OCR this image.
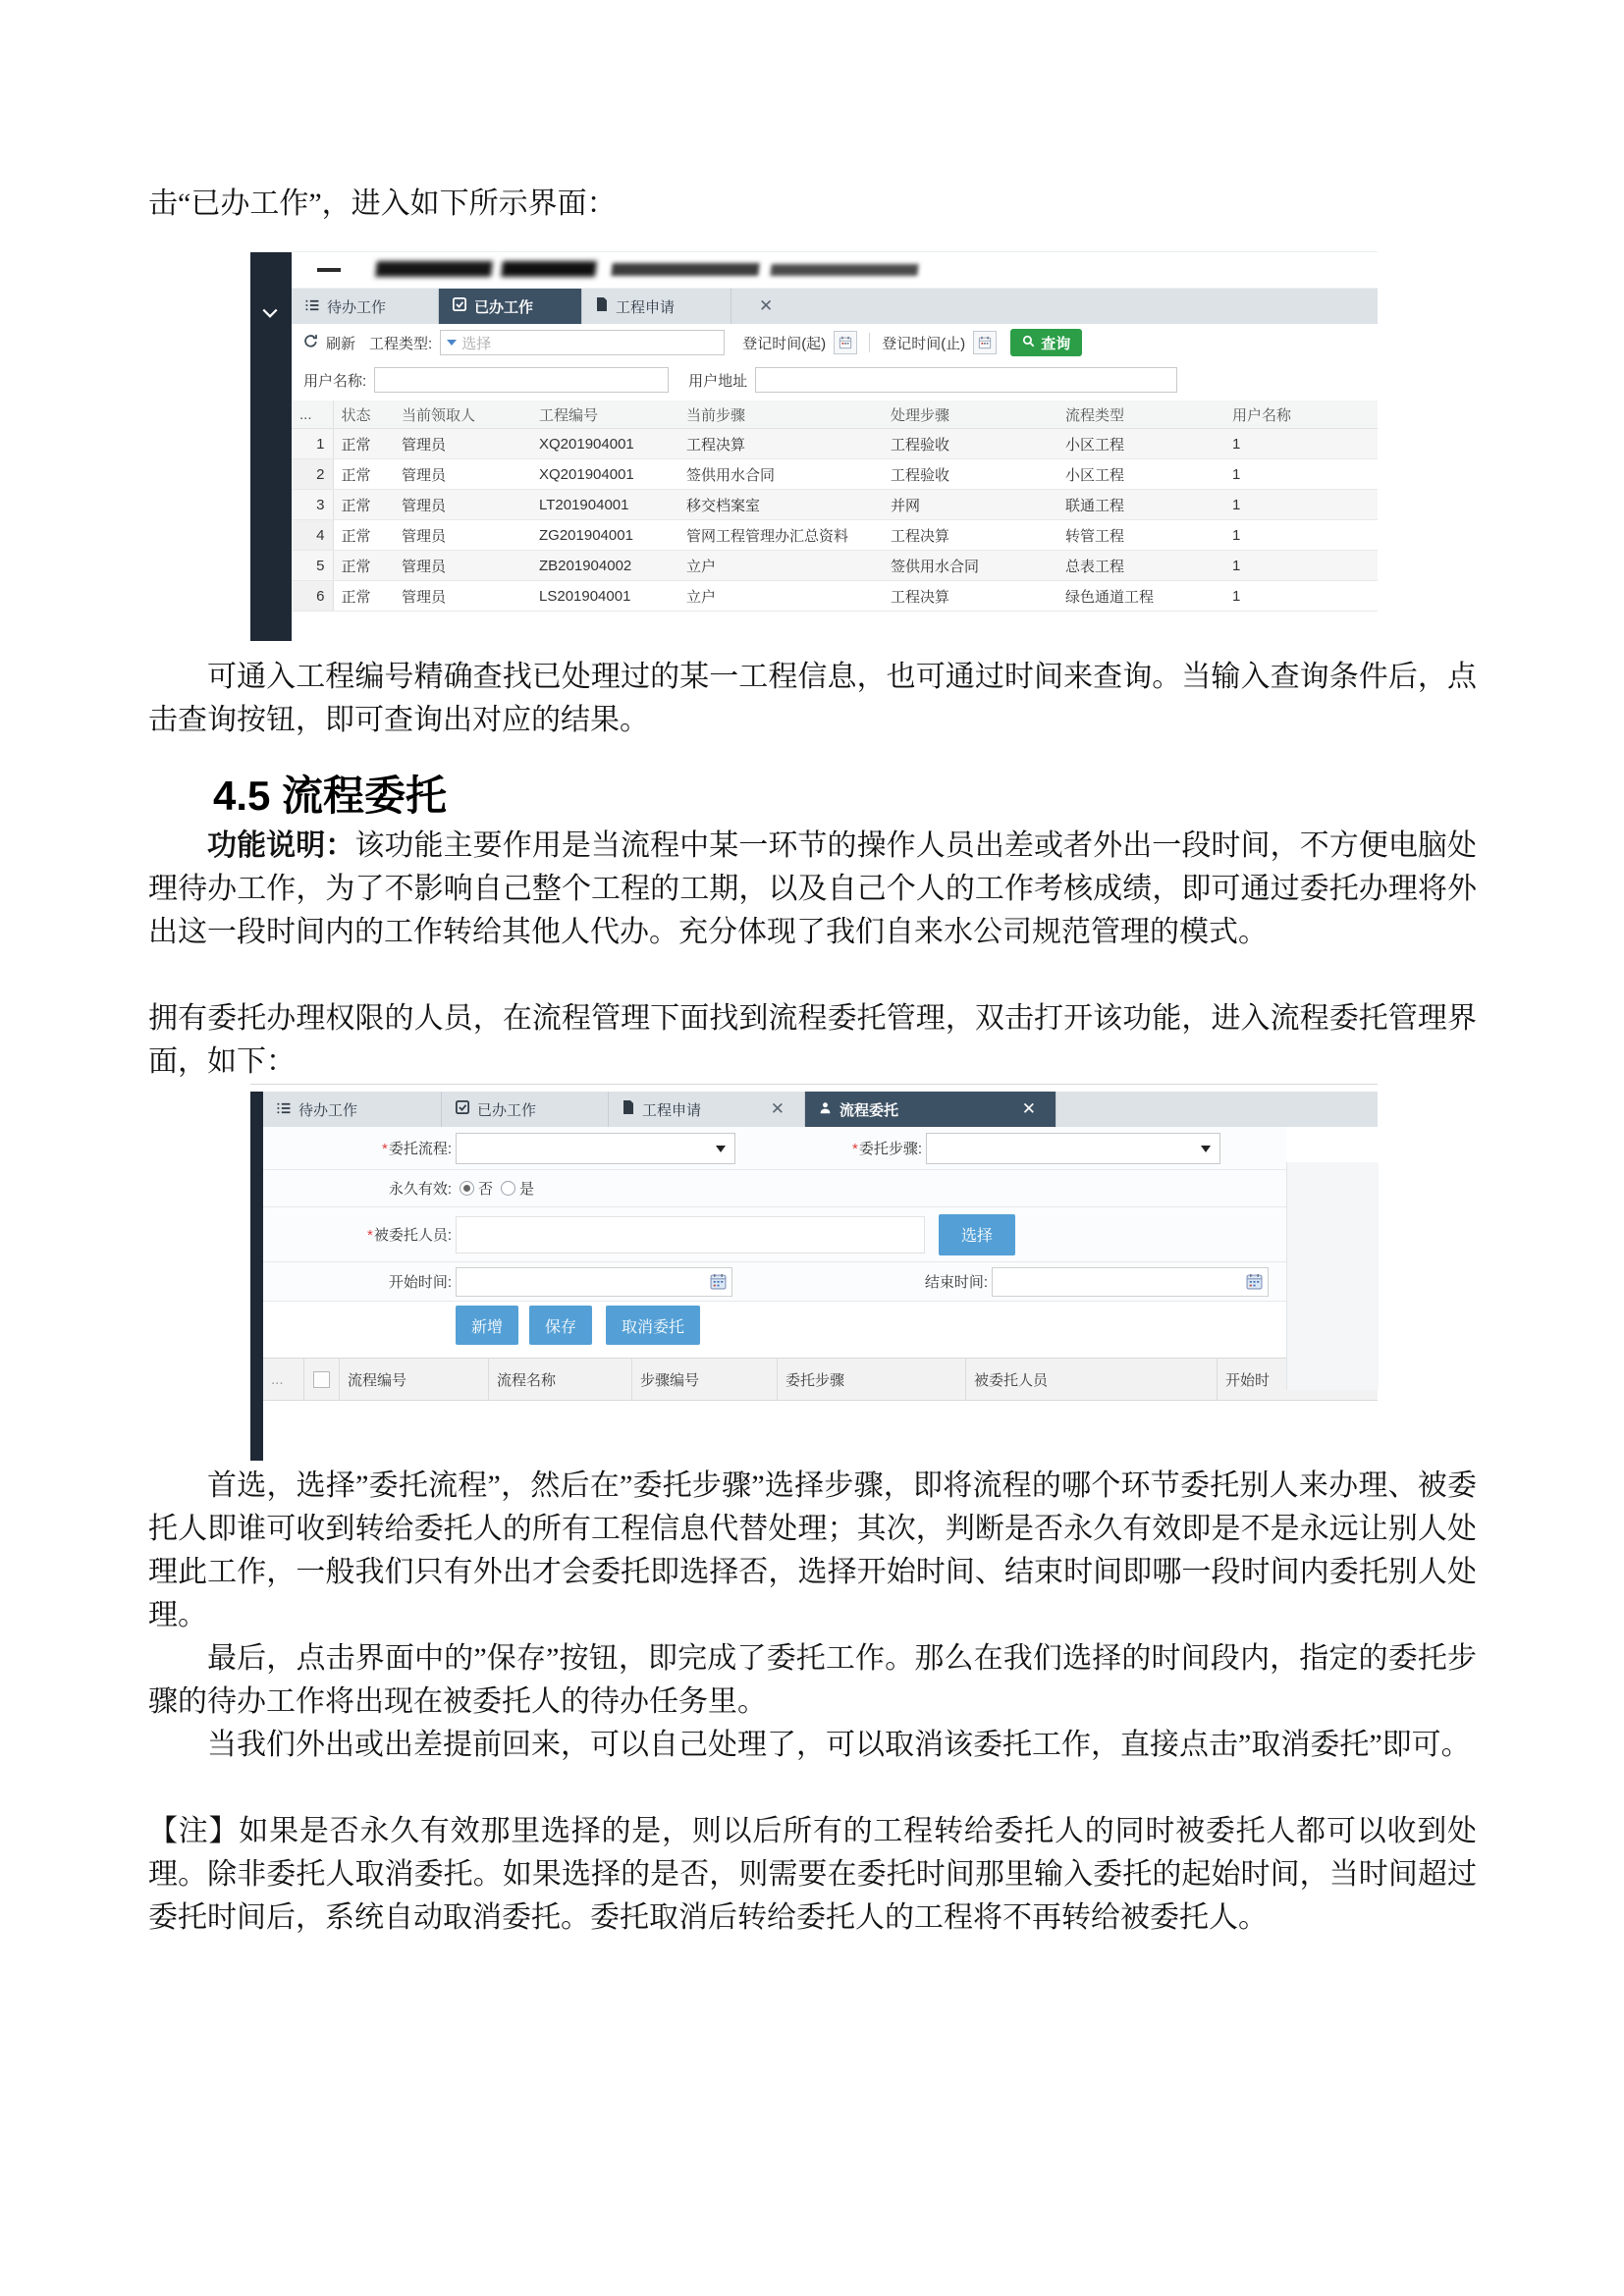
击“已办工作”，进入如下所示界面：

待办工作	已办工作	工程申请	✕
刷新 工程类型: 选择	登记时间(起)	登记时间(止)	查询
用户名称:	用户地址
...	状态	当前领取人	工程编号	当前步骤	处理步骤	流程类型	用户名称
1	正常	管理员	XQ201904001	工程决算	工程验收	小区工程	1
2	正常	管理员	XQ201904001	签供用水合同	工程验收	小区工程	1
3	正常	管理员	LT201904001	移交档案室	并网	联通工程	1
4	正常	管理员	ZG201904001	管网工程管理办汇总资料	工程决算	转管工程	1
5	正常	管理员	ZB201904002	立户	签供用水合同	总表工程	1
6	正常	管理员	LS201904001	立户	工程决算	绿色通道工程	1

可通入工程编号精确查找已处理过的某一工程信息，也可通过时间来查询。当输入查询条件后，点击查询按钮，即可查询出对应的结果。

4.5 流程委托

功能说明：该功能主要作用是当流程中某一环节的操作人员出差或者外出一段时间，不方便电脑处理待办工作，为了不影响自己整个工程的工期，以及自己个人的工作考核成绩，即可通过委托办理将外出这一段时间内的工作转给其他人代办。充分体现了我们自来水公司规范管理的模式。

拥有委托办理权限的人员，在流程管理下面找到流程委托管理，双击打开该功能，进入流程委托管理界面，如下：

待办工作	已办工作	工程申请	✕	流程委托	✕
*委托流程:	*委托步骤:
永久有效: 否 是
*被委托人员:	选择
开始时间:	结束时间:
新增	保存	取消委托
...	流程编号	流程名称	步骤编号	委托步骤	被委托人员	开始时

首选，选择”委托流程”，然后在”委托步骤”选择步骤，即将流程的哪个环节委托别人来办理、被委托人即谁可收到转给委托人的所有工程信息代替处理；其次，判断是否永久有效即是不是永远让别人处理此工作，一般我们只有外出才会委托即选择否，选择开始时间、结束时间即哪一段时间内委托别人处理。

最后，点击界面中的”保存”按钮，即完成了委托工作。那么在我们选择的时间段内，指定的委托步骤的待办工作将出现在被委托人的待办任务里。

当我们外出或出差提前回来，可以自己处理了，可以取消该委托工作，直接点击”取消委托”即可。

【注】如果是否永久有效那里选择的是，则以后所有的工程转给委托人的同时被委托人都可以收到处理。除非委托人取消委托。如果选择的是否，则需要在委托时间那里输入委托的起始时间，当时间超过委托时间后，系统自动取消委托。委托取消后转给委托人的工程将不再转给被委托人。
